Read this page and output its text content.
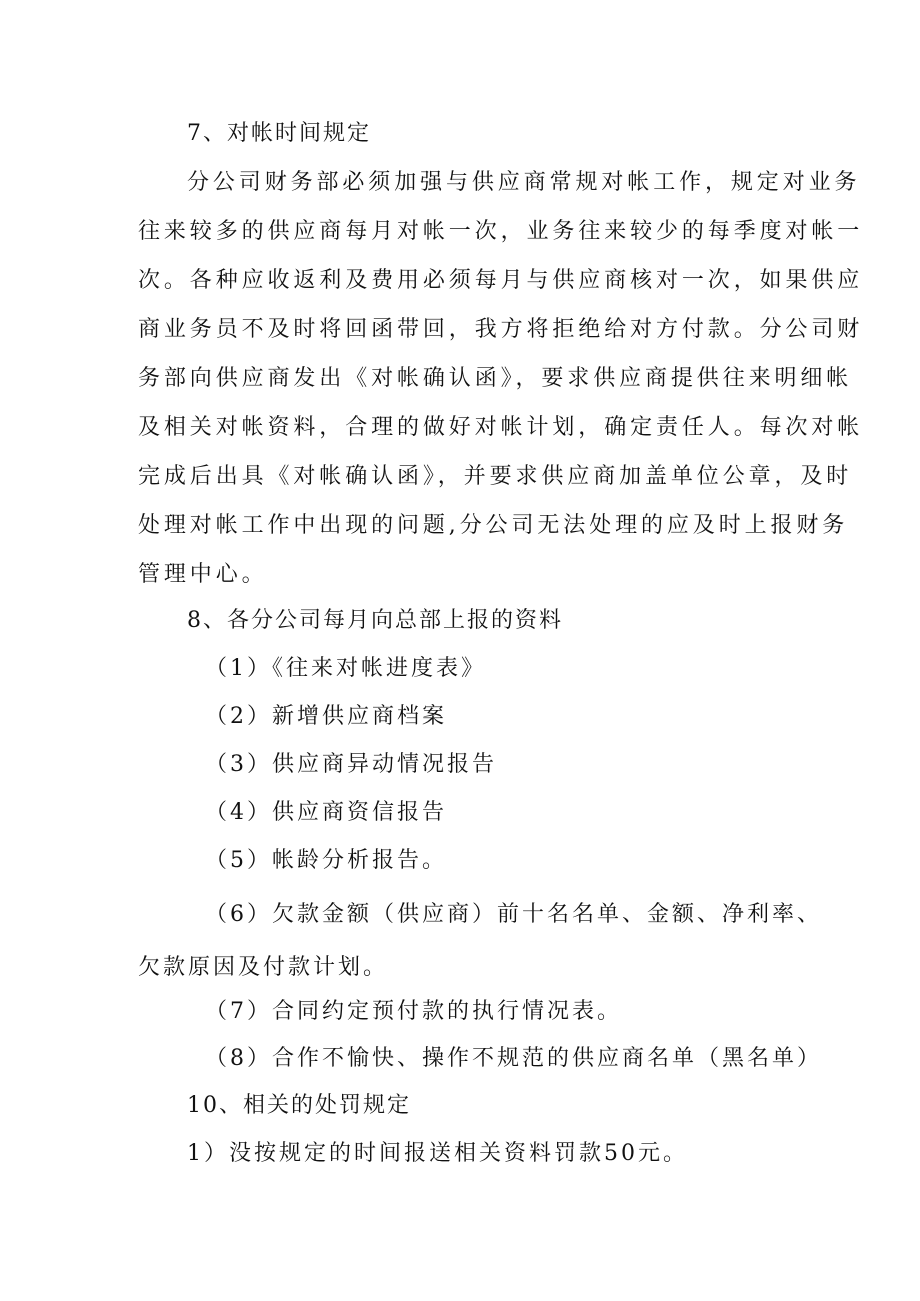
7、对帐时间规定
分公司财务部必须加强与供应商常规对帐工作，规定对业务
往来较多的供应商每月对帐一次，业务往来较少的每季度对帐一
次。各种应收返利及费用必须每月与供应商核对一次，如果供应
商业务员不及时将回函带回，我方将拒绝给对方付款。分公司财
务部向供应商发出《对帐确认函》，要求供应商提供往来明细帐
及相关对帐资料，合理的做好对帐计划，确定责任人。每次对帐
完成后出具《对帐确认函》，并要求供应商加盖单位公章，及时
处理对帐工作中出现的问题,分公司无法处理的应及时上报财务
管理中心。
8、各分公司每月向总部上报的资料
（1）《往来对帐进度表》
（2）新增供应商档案
（3）供应商异动情况报告
（4）供应商资信报告
（5）帐龄分析报告。
（6）欠款金额（供应商）前十名名单、金额、净利率、
欠款原因及付款计划。
（7）合同约定预付款的执行情况表。
（8）合作不愉快、操作不规范的供应商名单（黑名单）
10、相关的处罚规定
1）没按规定的时间报送相关资料罚款50元。
